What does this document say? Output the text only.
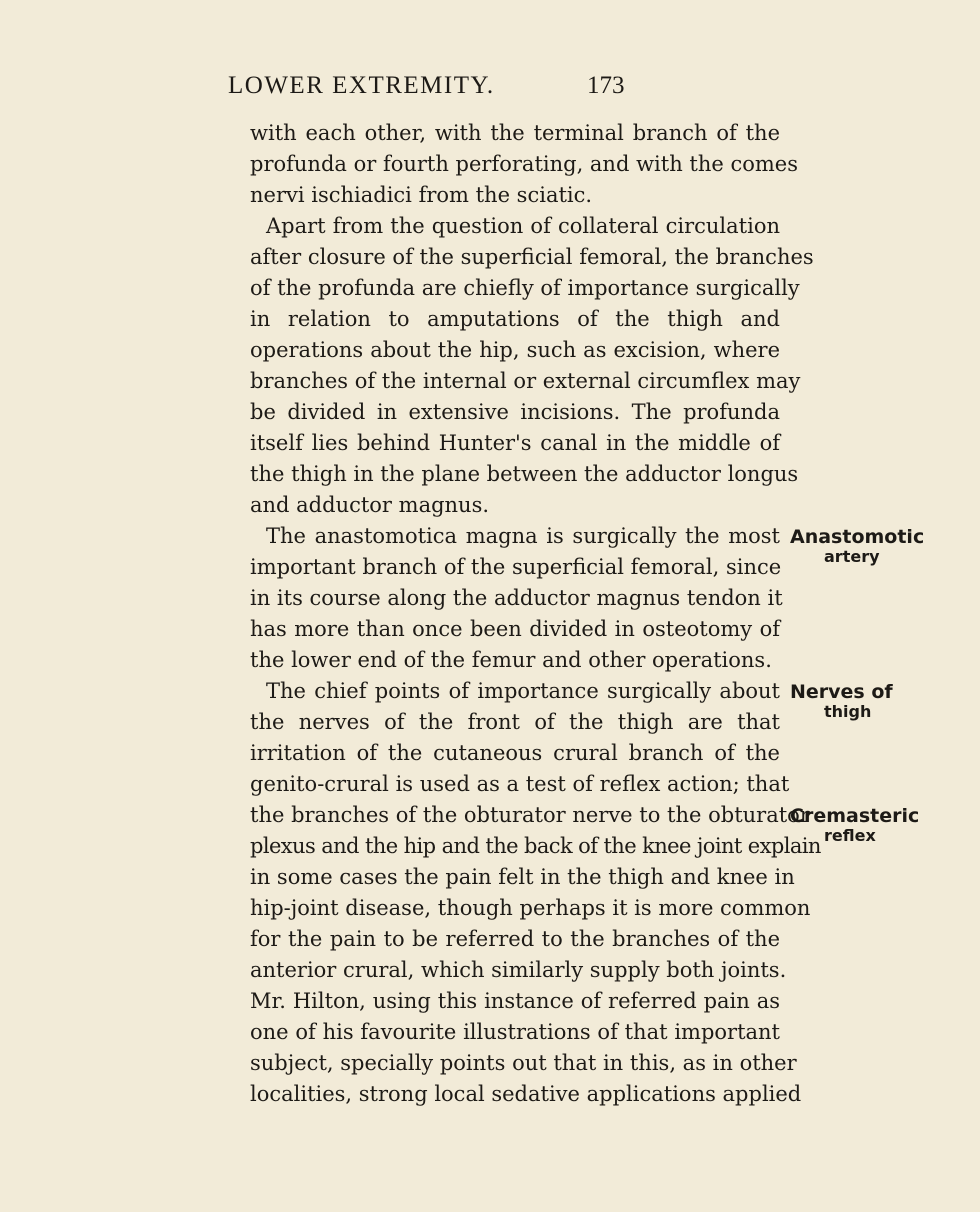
LOWER EXTREMITY.	173
with each other, with the terminal branch of the
profunda or fourth perforating, and with the comes
nervi ischiadici from the sciatic.
Apart from the question of collateral circulation
after closure of the superficial femoral, the branches
of the profunda are chiefly of importance surgically
in relation to amputations of the thigh and
operations about the hip, such as excision, where
branches of the internal or external circumflex may
be divided in extensive incisions. The profunda
itself lies behind Hunter's canal in the middle of
the thigh in the plane between the adductor longus
and adductor magnus.
The anastomotica magna is surgically the most
important branch of the superficial femoral, since
in its course along the adductor magnus tendon it
has more than once been divided in osteotomy of
the lower end of the femur and other operations.
The chief points of importance surgically about
the nerves of the front of the thigh are that
irritation of the cutaneous crural branch of the
genito-crural is used as a test of reflex action; that
the branches of the obturator nerve to the obturator
plexus and the hip and the back of the knee joint explain
in some cases the pain felt in the thigh and knee in
hip-joint disease, though perhaps it is more common
for the pain to be referred to the branches of the
anterior crural, which similarly supply both joints.
Mr. Hilton, using this instance of referred pain as
one of his favourite illustrations of that important
subject, specially points out that in this, as in other
localities, strong local sedative applications applied
Anastomotic
artery
Nerves of
thigh
Cremasteric
reflex
